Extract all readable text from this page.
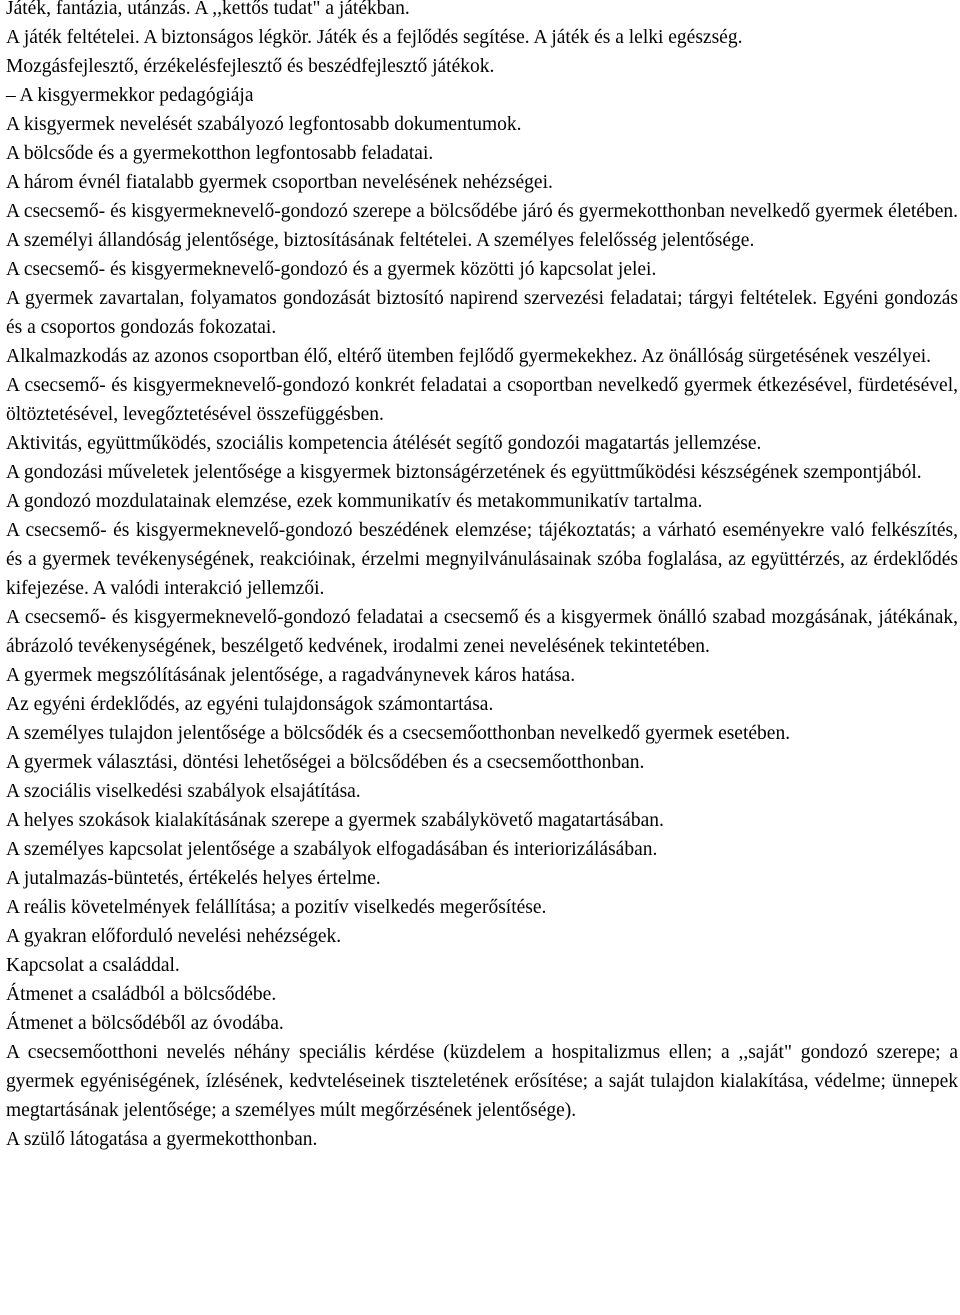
Játék, fantázia, utánzás. A ,,kettős tudat" a játékban.

A játék feltételei. A biztonságos légkör. Játék és a fejlődés segítése. A játék és a lelki egészség.

Mozgásfejlesztő, érzékelésfejlesztő és beszédfejlesztő játékok.

– A kisgyermekkor pedagógiája

A kisgyermek nevelését szabályozó legfontosabb dokumentumok.

A bölcsőde és a gyermekotthon legfontosabb feladatai.

A három évnél fiatalabb gyermek csoportban nevelésének nehézségei.

A csecsemő- és kisgyermeknevelő-gondozó szerepe a bölcsődébe járó és gyermekotthonban nevelkedő gyermek életében. A személyi állandóság jelentősége, biztosításának feltételei. A személyes felelősség jelentősége.

A csecsemő- és kisgyermeknevelő-gondozó és a gyermek közötti jó kapcsolat jelei.

A gyermek zavartalan, folyamatos gondozását biztosító napirend szervezési feladatai; tárgyi feltételek. Egyéni gondozás és a csoportos gondozás fokozatai.

Alkalmazkodás az azonos csoportban élő, eltérő ütemben fejlődő gyermekekhez. Az önállóság sürgetésének veszélyei.

A csecsemő- és kisgyermeknevelő-gondozó konkrét feladatai a csoportban nevelkedő gyermek étkezésével, fürdetésével, öltöztetésével, levegőztetésével összefüggésben.

Aktivitás, együttműködés, szociális kompetencia átélését segítő gondozói magatartás jellemzése.

A gondozási műveletek jelentősége a kisgyermek biztonságérzetének és együttműködési készségének szempontjából.

A gondozó mozdulatainak elemzése, ezek kommunikatív és metakommunikatív tartalma.

A csecsemő- és kisgyermeknevelő-gondozó beszédének elemzése; tájékoztatás; a várható eseményekre való felkészítés, és a gyermek tevékenységének, reakcióinak, érzelmi megnyilvánulásainak szóba foglalása, az együttérzés, az érdeklődés kifejezése. A valódi interakció jellemzői.

A csecsemő- és kisgyermeknevelő-gondozó feladatai a csecsemő és a kisgyermek önálló szabad mozgásának, játékának, ábrázoló tevékenységének, beszélgető kedvének, irodalmi zenei nevelésének tekintetében.

A gyermek megszólításának jelentősége, a ragadványnevek káros hatása.

Az egyéni érdeklődés, az egyéni tulajdonságok számontartása.

A személyes tulajdon jelentősége a bölcsődék és a csecsemőotthonban nevelkedő gyermek esetében.

A gyermek választási, döntési lehetőségei a bölcsődében és a csecsemőotthonban.

A szociális viselkedési szabályok elsajátítása.

A helyes szokások kialakításának szerepe a gyermek szabálykövető magatartásában.

A személyes kapcsolat jelentősége a szabályok elfogadásában és interiorizálásában.

A jutalmazás-büntetés, értékelés helyes értelme.

A reális követelmények felállítása; a pozitív viselkedés megerősítése.

A gyakran előforduló nevelési nehézségek.

Kapcsolat a családdal.

Átmenet a családból a bölcsődébe.

Átmenet a bölcsődéből az óvodába.

A csecsemőotthoni nevelés néhány speciális kérdése (küzdelem a hospitalizmus ellen; a ,,saját" gondozó szerepe; a gyermek egyéniségének, ízlésének, kedvteléseinek tiszteletének erősítése; a saját tulajdon kialakítása, védelme; ünnepek megtartásának jelentősége; a személyes múlt megőrzésének jelentősége).

A szülő látogatása a gyermekotthonban.
